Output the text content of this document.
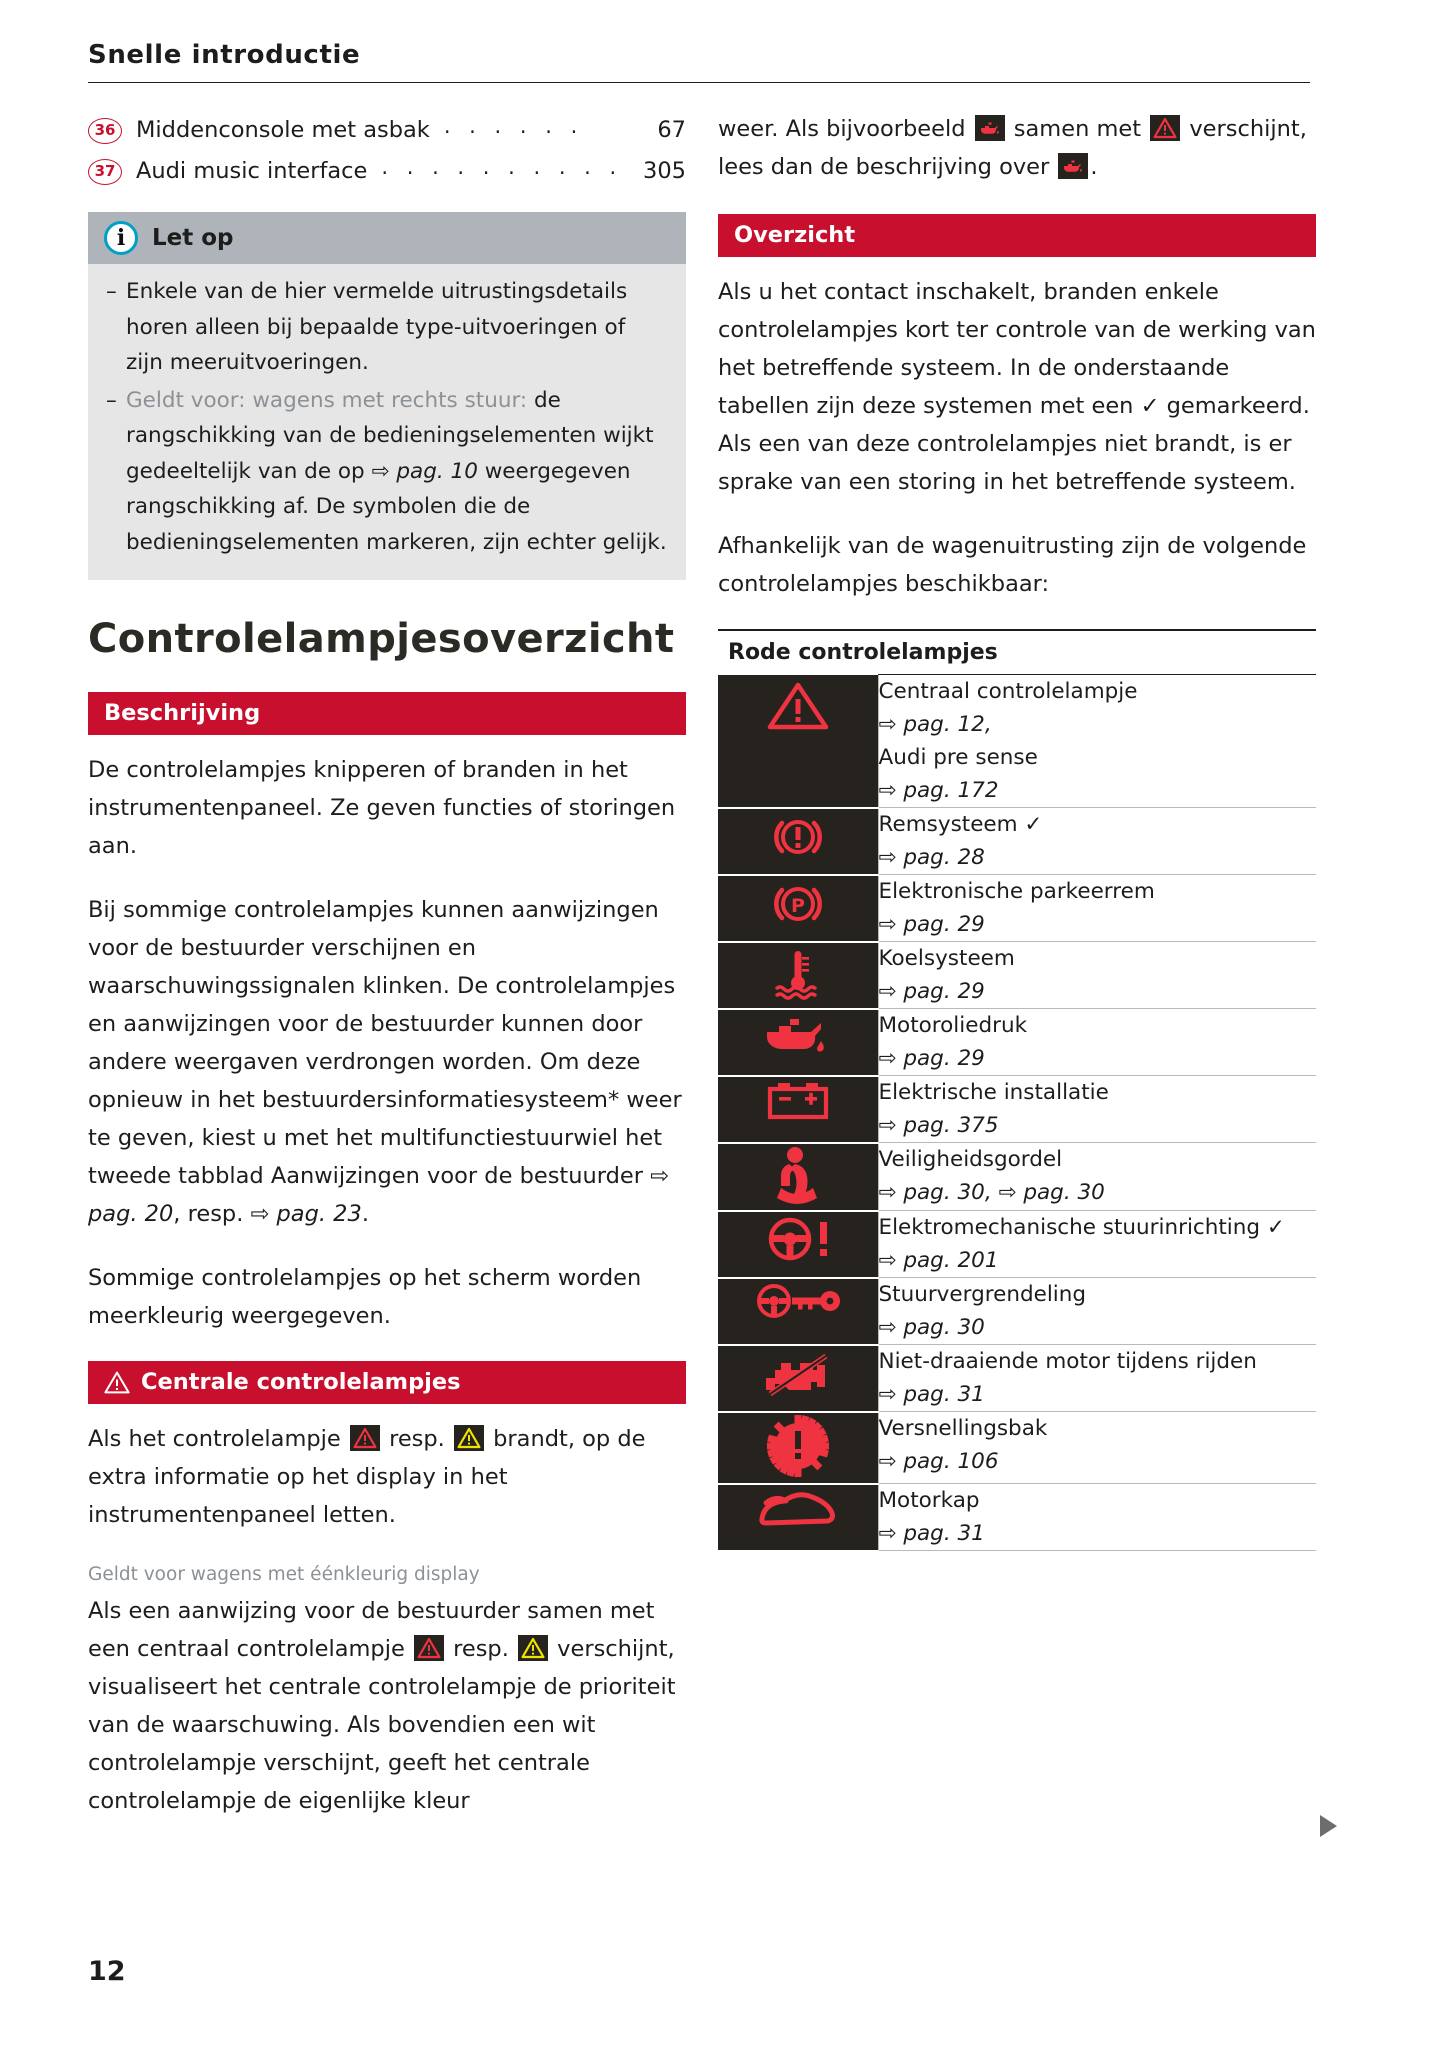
Snelle introductie
36 Middenconsole met asbak . . . . . .	67
37 Audi music interface . . . . . . . . . . 305
i	Let op
– Enkele van de hier vermelde uitrustingsdetails horen alleen bij bepaalde type-uitvoeringen of zijn meeruitvoeringen.
– Geldt voor: wagens met rechts stuur: de rangschikking van de bedieningselementen wijkt gedeeltelijk van de op ⇨ pag. 10 weergegeven rangschikking af. De symbolen die de bedieningselementen markeren, zijn echter gelijk.
Controlelampjesoverzicht
Beschrijving

De controlelampjes knipperen of branden in het instrumentenpaneel. Ze geven functies of storingen aan.

Bij sommige controlelampjes kunnen aanwijzingen voor de bestuurder verschijnen en waarschuwingssignalen klinken. De controlelampjes en aanwijzingen voor de bestuurder kunnen door andere weergaven verdrongen worden. Om deze opnieuw in het bestuurdersinformatiesysteem* weer te geven, kiest u met het multifunctiestuurwiel het tweede tabblad Aanwijzingen voor de bestuurder ⇨ pag. 20, resp. ⇨ pag. 23.

Sommige controlelampjes op het scherm worden meerkleurig weergegeven.

Centrale controlelampjes

Als het controlelampje
resp.
brandt, op de extra informatie op het display in het instrumentenpaneel letten.

Geldt voor wagens met éénkleurig display

Als een aanwijzing voor de bestuurder samen met een centraal controlelampje
resp.
verschijnt, visualiseert het centrale controlelampje de prioriteit van de waarschuwing. Als bovendien een wit controlelampje verschijnt, geeft het centrale controlelampje de eigenlijke kleur

weer. Als bijvoorbeeld
samen met
verschijnt, lees dan de beschrijving over
.

Overzicht

Als u het contact inschakelt, branden enkele controlelampjes kort ter controle van de werking van het betreffende systeem. In de onderstaande tabellen zijn deze systemen met een ✓ gemarkeerd. Als een van deze controlelampjes niet brandt, is er sprake van een storing in het betreffende systeem.

Afhankelijk van de wagenuitrusting zijn de volgende controlelampjes beschikbaar:

Rode controlelampjes

Centraal controlelampje
⇨ pag. 12,
Audi pre sense
⇨ pag. 172

Remsysteem ✓
⇨ pag. 28

P	Elektronische parkeerrem
⇨ pag. 29

Koelsysteem
⇨ pag. 29

Motoroliedruk
⇨ pag. 29

Elektrische installatie
⇨ pag. 375

Veiligheidsgordel
⇨ pag. 30, ⇨ pag. 30

Elektromechanische stuurinrichting ✓
⇨ pag. 201

Stuurvergrendeling
⇨ pag. 30

Niet-draaiende motor tijdens rijden
⇨ pag. 31

Versnellingsbak
⇨ pag. 106

Motorkap
⇨ pag. 31
12
